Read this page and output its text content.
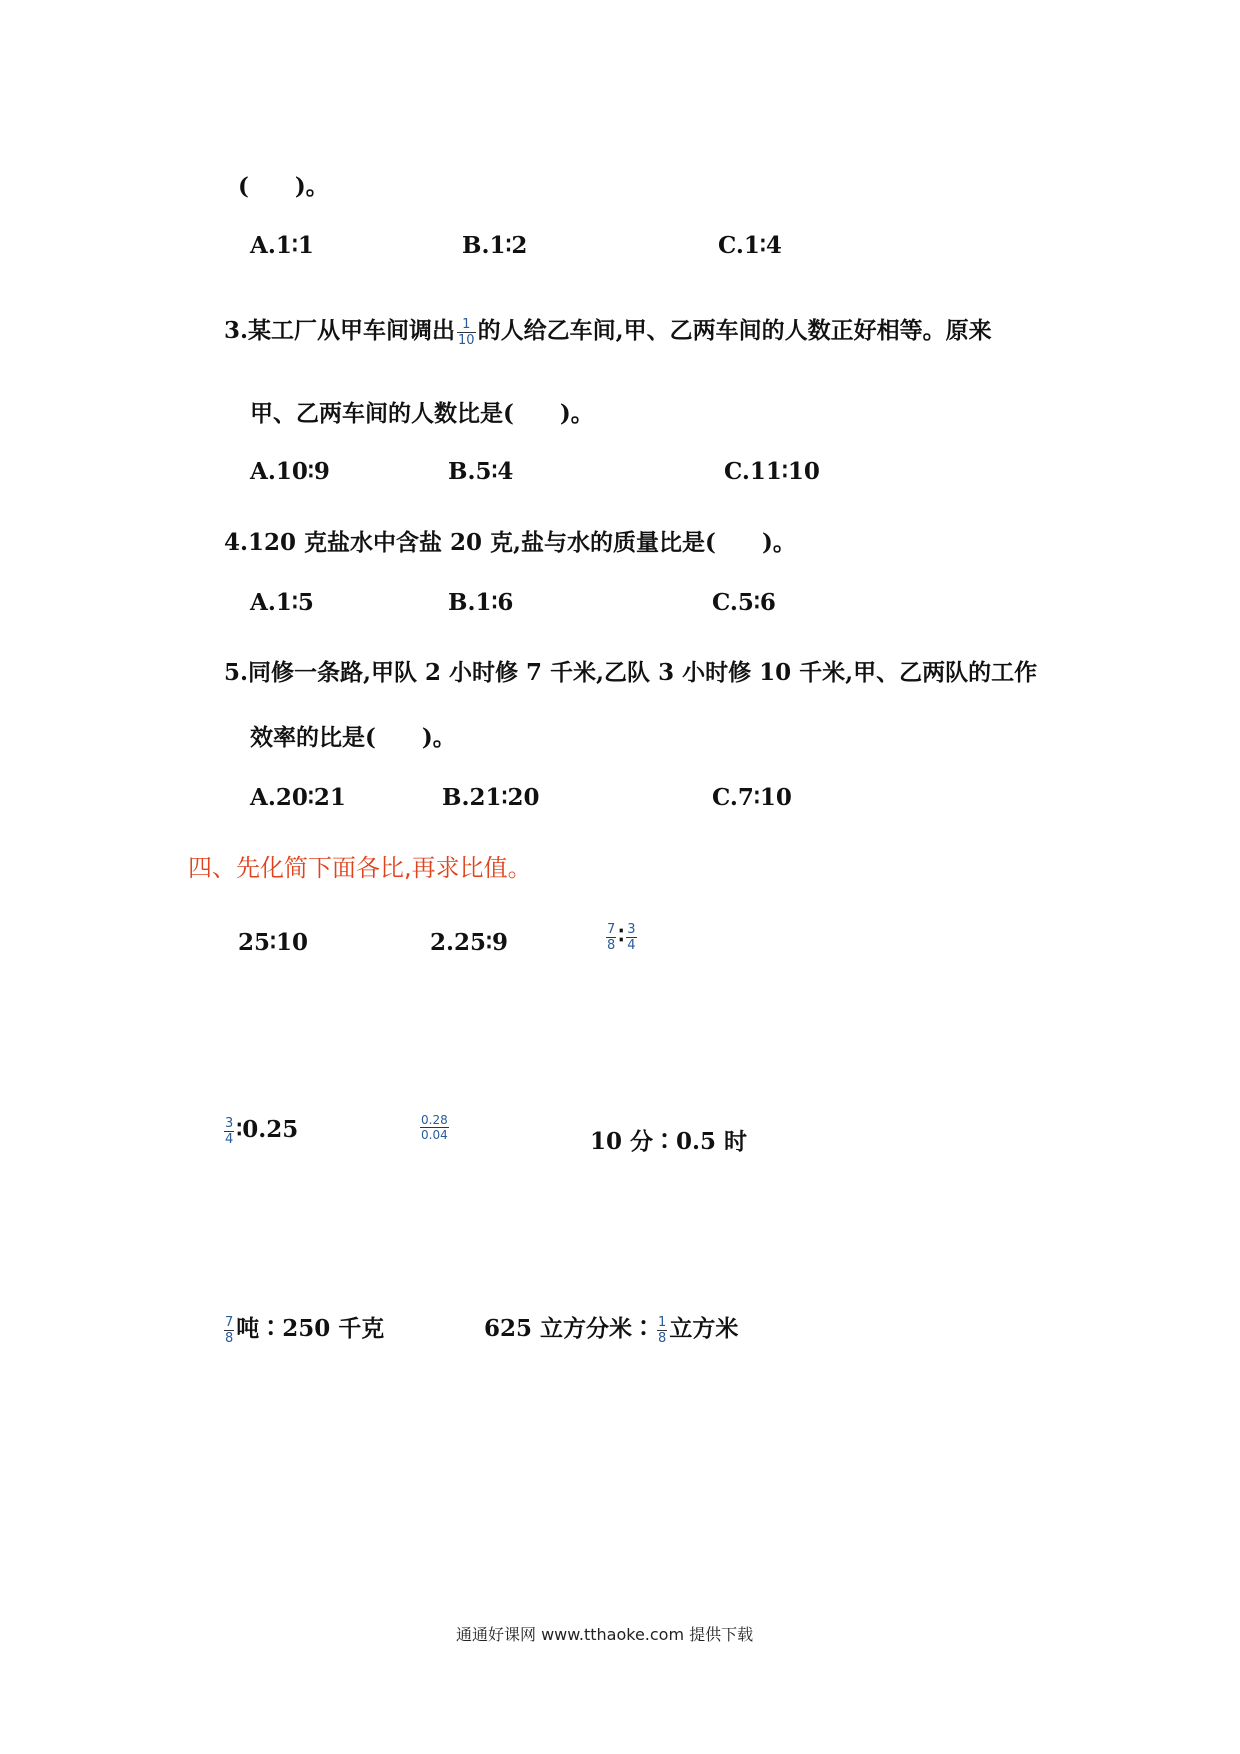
(　　)。
A.1∶1	B.1∶2	C.1∶4
3.某工厂从甲车间调出 $\frac{1}{10}$ 的人给乙车间,甲、乙两车间的人数正好相等。原来
甲、乙两车间的人数比是(　　)。
A.10∶9	B.5∶4	C.11∶10
4.120 克盐水中含盐 20 克,盐与水的质量比是(　　)。
A.1∶5	B.1∶6	C.5∶6
5.同修一条路,甲队 2 小时修 7 千米,乙队 3 小时修 10 千米,甲、乙两队的工作
效率的比是(　　)。
A.20∶21	B.21∶20	C.7∶10
四、先化简下面各比,再求比值。
25∶10	2.25∶9	$\frac{7}{8}$ ∶ $\frac{3}{4}$
$\frac{3}{4}$ ∶0.25	$\frac{0.28}{0.04}$
10 分∶0.5 时
$\frac{7}{8}$ 吨∶250 千克	625 立方分米∶ $\frac{1}{8}$ 立方米
通通好课网 www.tthaoke.com 提供下载
